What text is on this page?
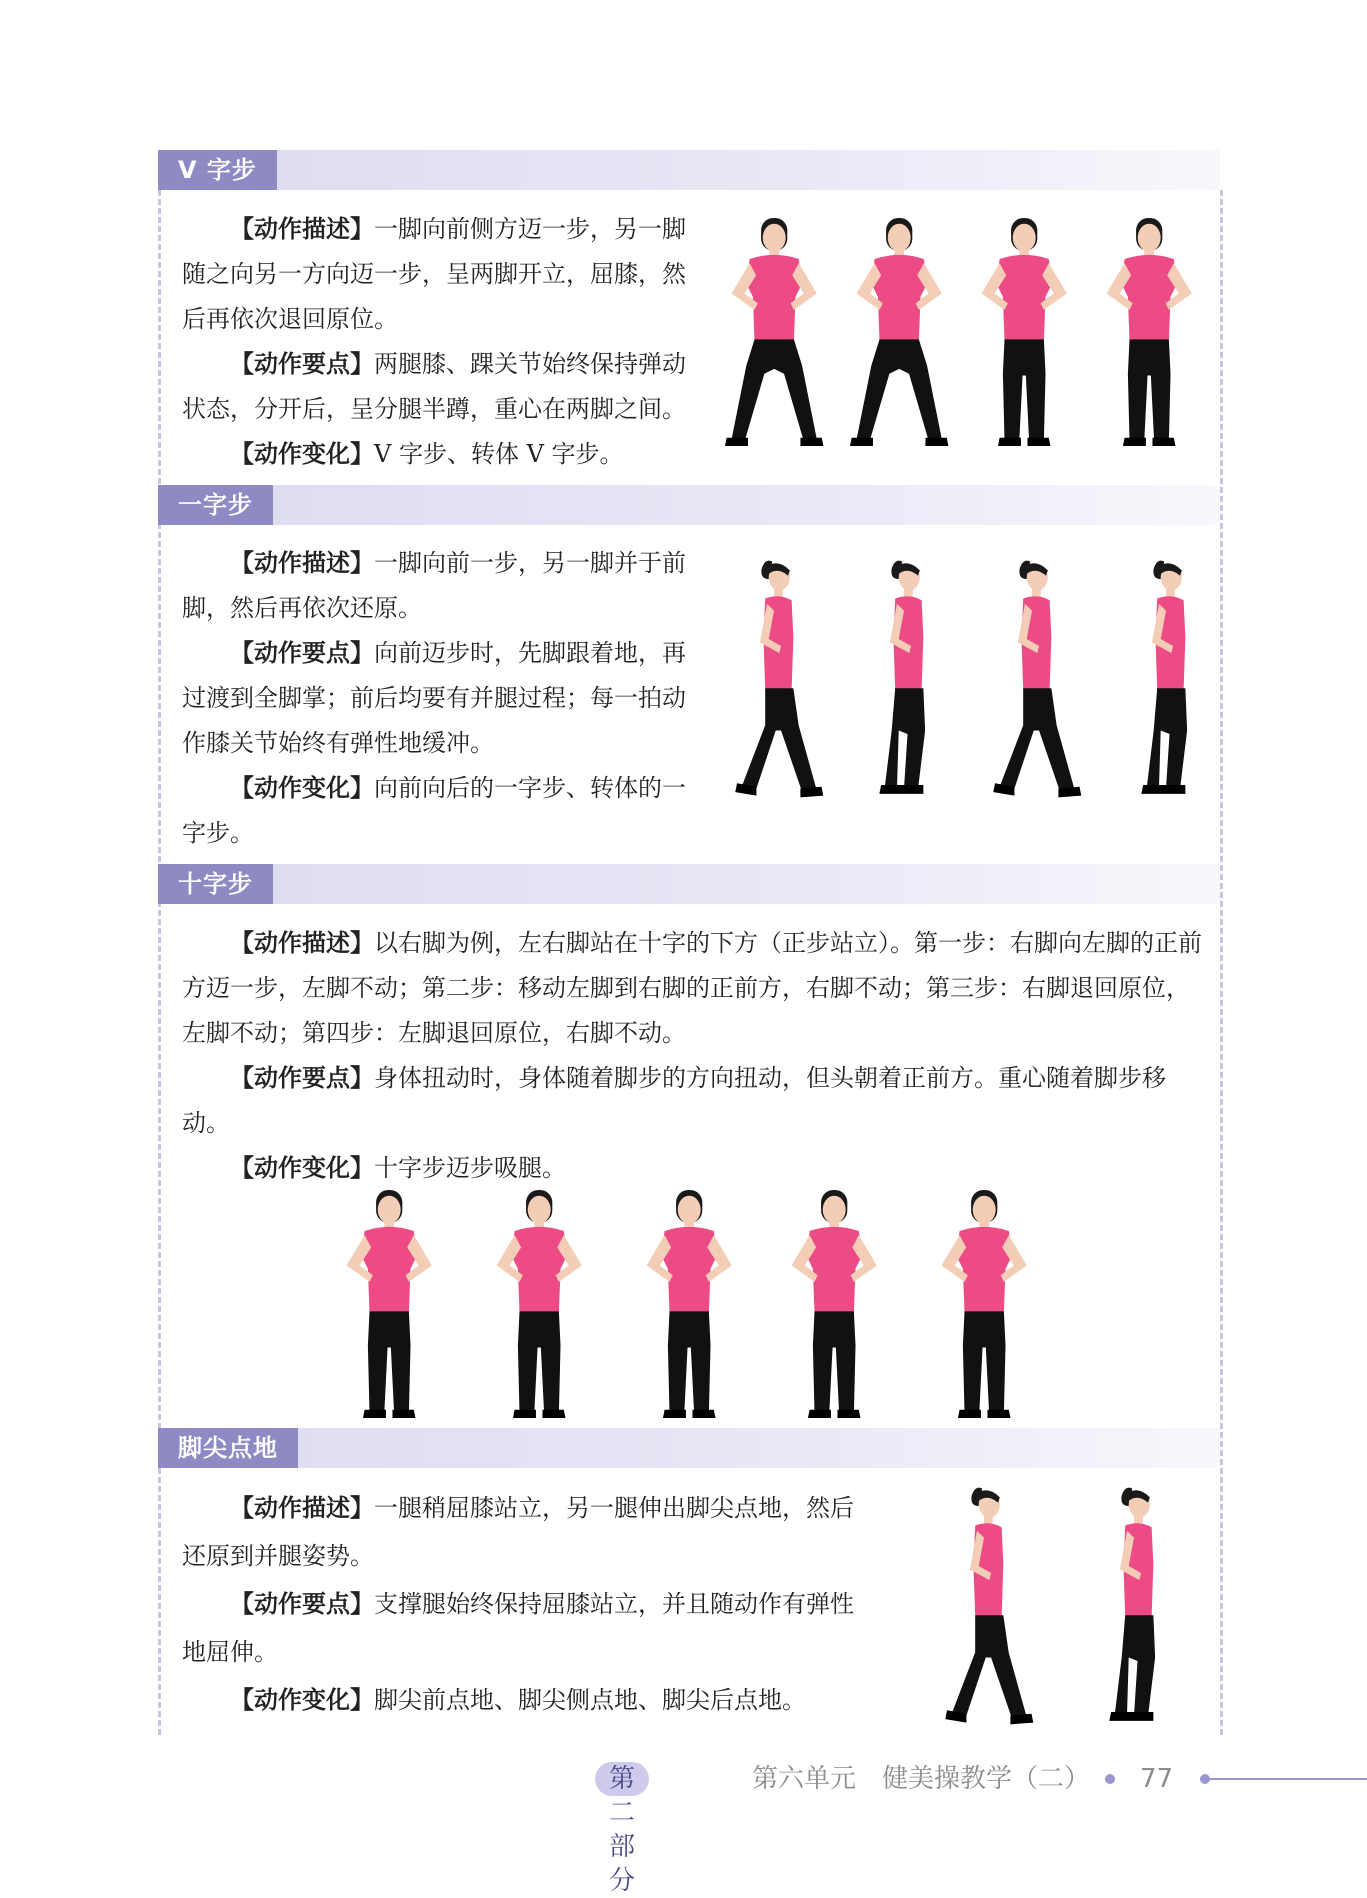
V 字步

【动作描述】一脚向前侧方迈一步，另一脚随之向另一方向迈一步，呈两脚开立，屈膝，然后再依次退回原位。

【动作要点】两腿膝、踝关节始终保持弹动状态，分开后，呈分腿半蹲，重心在两脚之间。

【动作变化】V 字步、转体 V 字步。

一字步

【动作描述】一脚向前一步，另一脚并于前脚，然后再依次还原。

【动作要点】向前迈步时，先脚跟着地，再过渡到全脚掌；前后均要有并腿过程；每一拍动作膝关节始终有弹性地缓冲。

【动作变化】向前向后的一字步、转体的一字步。

十字步

【动作描述】以右脚为例，左右脚站在十字的下方（正步站立）。第一步：右脚向左脚的正前方迈一步，左脚不动；第二步：移动左脚到右脚的正前方，右脚不动；第三步：右脚退回原位，左脚不动；第四步：左脚退回原位，右脚不动。

【动作要点】身体扭动时，身体随着脚步的方向扭动，但头朝着正前方。重心随着脚步移动。

【动作变化】十字步迈步吸腿。

脚尖点地

【动作描述】一腿稍屈膝站立，另一腿伸出脚尖点地，然后还原到并腿姿势。

【动作要点】支撑腿始终保持屈膝站立，并且随动作有弹性地屈伸。

【动作变化】脚尖前点地、脚尖侧点地、脚尖后点地。

第二部分
第六单元　健美操教学（二） 77
